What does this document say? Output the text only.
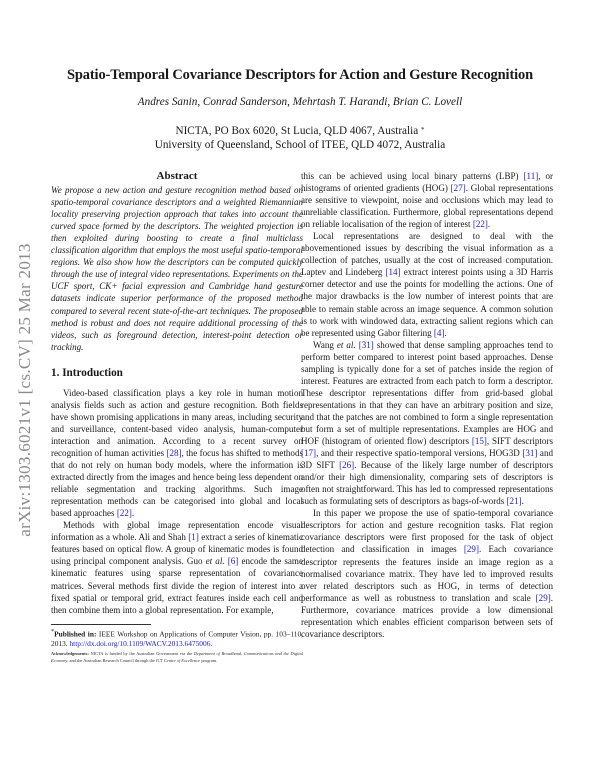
arXiv:1303.6021v1 [cs.CV] 25 Mar 2013
Spatio-Temporal Covariance Descriptors for Action and Gesture Recognition
Andres Sanin, Conrad Sanderson, Mehrtash T. Harandi, Brian C. Lovell
NICTA, PO Box 6020, St Lucia, QLD 4067, Australia *
University of Queensland, School of ITEE, QLD 4072, Australia
Abstract

We propose a new action and gesture recognition method based on spatio-temporal covariance descriptors and a weighted Riemannian locality preserving projection approach that takes into account the curved space formed by the descriptors. The weighted projection is then exploited during boosting to create a final multiclass classification algorithm that employs the most useful spatio-temporal regions. We also show how the descriptors can be computed quickly through the use of integral video representations. Experiments on the UCF sport, CK+ facial expression and Cambridge hand gesture datasets indicate superior performance of the proposed method compared to several recent state-of-the-art techniques. The proposed method is robust and does not require additional processing of the videos, such as foreground detection, interest-point detection or tracking.

1. Introduction

Video-based classification plays a key role in human motion analysis fields such as action and gesture recognition. Both fields have shown promising applications in many areas, including security and surveillance, content-based video analysis, human-computer interaction and animation. According to a recent survey on recognition of human activities [28], the focus has shifted to methods that do not rely on human body models, where the information is extracted directly from the images and hence being less dependent on reliable segmentation and tracking algorithms. Such image representation methods can be categorised into global and local based approaches [22].

Methods with global image representation encode visual information as a whole. Ali and Shah [1] extract a series of kinematic features based on optical flow. A group of kinematic modes is found using principal component analysis. Guo et al. [6] encode the same kinematic features using sparse representation of covariance matrices. Several methods first divide the region of interest into a fixed spatial or temporal grid, extract features inside each cell and then combine them into a global representation. For example,

*Published in: IEEE Workshop on Applications of Computer Vision, pp. 103–110, 2013. http://dx.doi.org/10.1109/WACV.2013.6475006.
Acknowledgements: NICTA is funded by the Australian Government via the Department of Broadband, Communications and the Digital Economy, and the Australian Research Council through the ICT Centre of Excellence program.

this can be achieved using local binary patterns (LBP) [11], or histograms of oriented gradients (HOG) [27]. Global representations are sensitive to viewpoint, noise and occlusions which may lead to unreliable classification. Furthermore, global representations depend on reliable localisation of the region of interest [22].

Local representations are designed to deal with the abovementioned issues by describing the visual information as a collection of patches, usually at the cost of increased computation. Laptev and Lindeberg [14] extract interest points using a 3D Harris corner detector and use the points for modelling the actions. One of the major drawbacks is the low number of interest points that are able to remain stable across an image sequence. A common solution is to work with windowed data, extracting salient regions which can be represented using Gabor filtering [4].

Wang et al. [31] showed that dense sampling approaches tend to perform better compared to interest point based approaches. Dense sampling is typically done for a set of patches inside the region of interest. Features are extracted from each patch to form a descriptor. These descriptor representations differ from grid-based global representations in that they can have an arbitrary position and size, and that the patches are not combined to form a single representation but form a set of multiple representations. Examples are HOG and HOF (histogram of oriented flow) descriptors [15], SIFT descriptors [17], and their respective spatio-temporal versions, HOG3D [31] and 3D SIFT [26]. Because of the likely large number of descriptors and/or their high dimensionality, comparing sets of descriptors is often not straightforward. This has led to compressed representations such as formulating sets of descriptors as bags-of-words [21].

In this paper we propose the use of spatio-temporal covariance descriptors for action and gesture recognition tasks. Flat region covariance descriptors were first proposed for the task of object detection and classification in images [29]. Each covariance descriptor represents the features inside an image region as a normalised covariance matrix. They have led to improved results over related descriptors such as HOG, in terms of detection performance as well as robustness to translation and scale [29]. Furthermore, covariance matrices provide a low dimensional representation which enables efficient comparison between sets of covariance descriptors.
